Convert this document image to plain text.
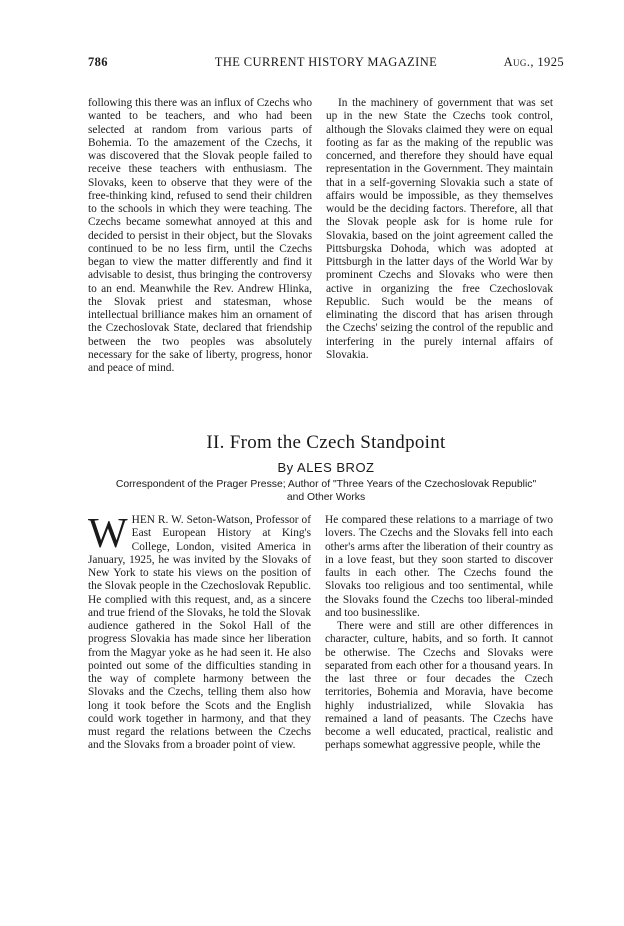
786	THE CURRENT HISTORY MAGAZINE	Aug., 1925

following this there was an influx of Czechs who wanted to be teachers, and who had been selected at random from various parts of Bohemia. To the amazement of the Czechs, it was discovered that the Slovak people failed to receive these teachers with enthusiasm. The Slovaks, keen to observe that they were of the free-thinking kind, refused to send their children to the schools in which they were teaching. The Czechs became somewhat annoyed at this and decided to persist in their object, but the Slovaks continued to be no less firm, until the Czechs began to view the matter differently and find it advisable to desist, thus bringing the controversy to an end. Meanwhile the Rev. Andrew Hlinka, the Slovak priest and statesman, whose intellectual brilliance makes him an ornament of the Czechoslovak State, declared that friendship between the two peoples was absolutely necessary for the sake of liberty, progress, honor and peace of mind.

In the machinery of government that was set up in the new State the Czechs took control, although the Slovaks claimed they were on equal footing as far as the making of the republic was concerned, and therefore they should have equal representation in the Government. They maintain that in a self-governing Slovakia such a state of affairs would be impossible, as they themselves would be the deciding factors. Therefore, all that the Slovak people ask for is home rule for Slovakia, based on the joint agreement called the Pittsburgska Dohoda, which was adopted at Pittsburgh in the latter days of the World War by prominent Czechs and Slovaks who were then active in organizing the free Czechoslovak Republic. Such would be the means of eliminating the discord that has arisen through the Czechs' seizing the control of the republic and interfering in the purely internal affairs of Slovakia.

II. From the Czech Standpoint
By ALES BROZ
Correspondent of the Prager Presse; Author of "Three Years of the Czechoslovak Republic" and Other Works

WHEN R. W. Seton-Watson, Professor of East European History at King's College, London, visited America in January, 1925, he was invited by the Slovaks of New York to state his views on the position of the Slovak people in the Czechoslovak Republic. He complied with this request, and, as a sincere and true friend of the Slovaks, he told the Slovak audience gathered in the Sokol Hall of the progress Slovakia has made since her liberation from the Magyar yoke as he had seen it. He also pointed out some of the difficulties standing in the way of complete harmony between the Slovaks and the Czechs, telling them also how long it took before the Scots and the English could work together in harmony, and that they must regard the relations between the Czechs and the Slovaks from a broader point of view.

He compared these relations to a marriage of two lovers. The Czechs and the Slovaks fell into each other's arms after the liberation of their country as in a love feast, but they soon started to discover faults in each other. The Czechs found the Slovaks too religious and too sentimental, while the Slovaks found the Czechs too liberal-minded and too businesslike.

There were and still are other differences in character, culture, habits, and so forth. It cannot be otherwise. The Czechs and Slovaks were separated from each other for a thousand years. In the last three or four decades the Czech territories, Bohemia and Moravia, have become highly industrialized, while Slovakia has remained a land of peasants. The Czechs have become a well educated, practical, realistic and perhaps somewhat aggressive people, while the
